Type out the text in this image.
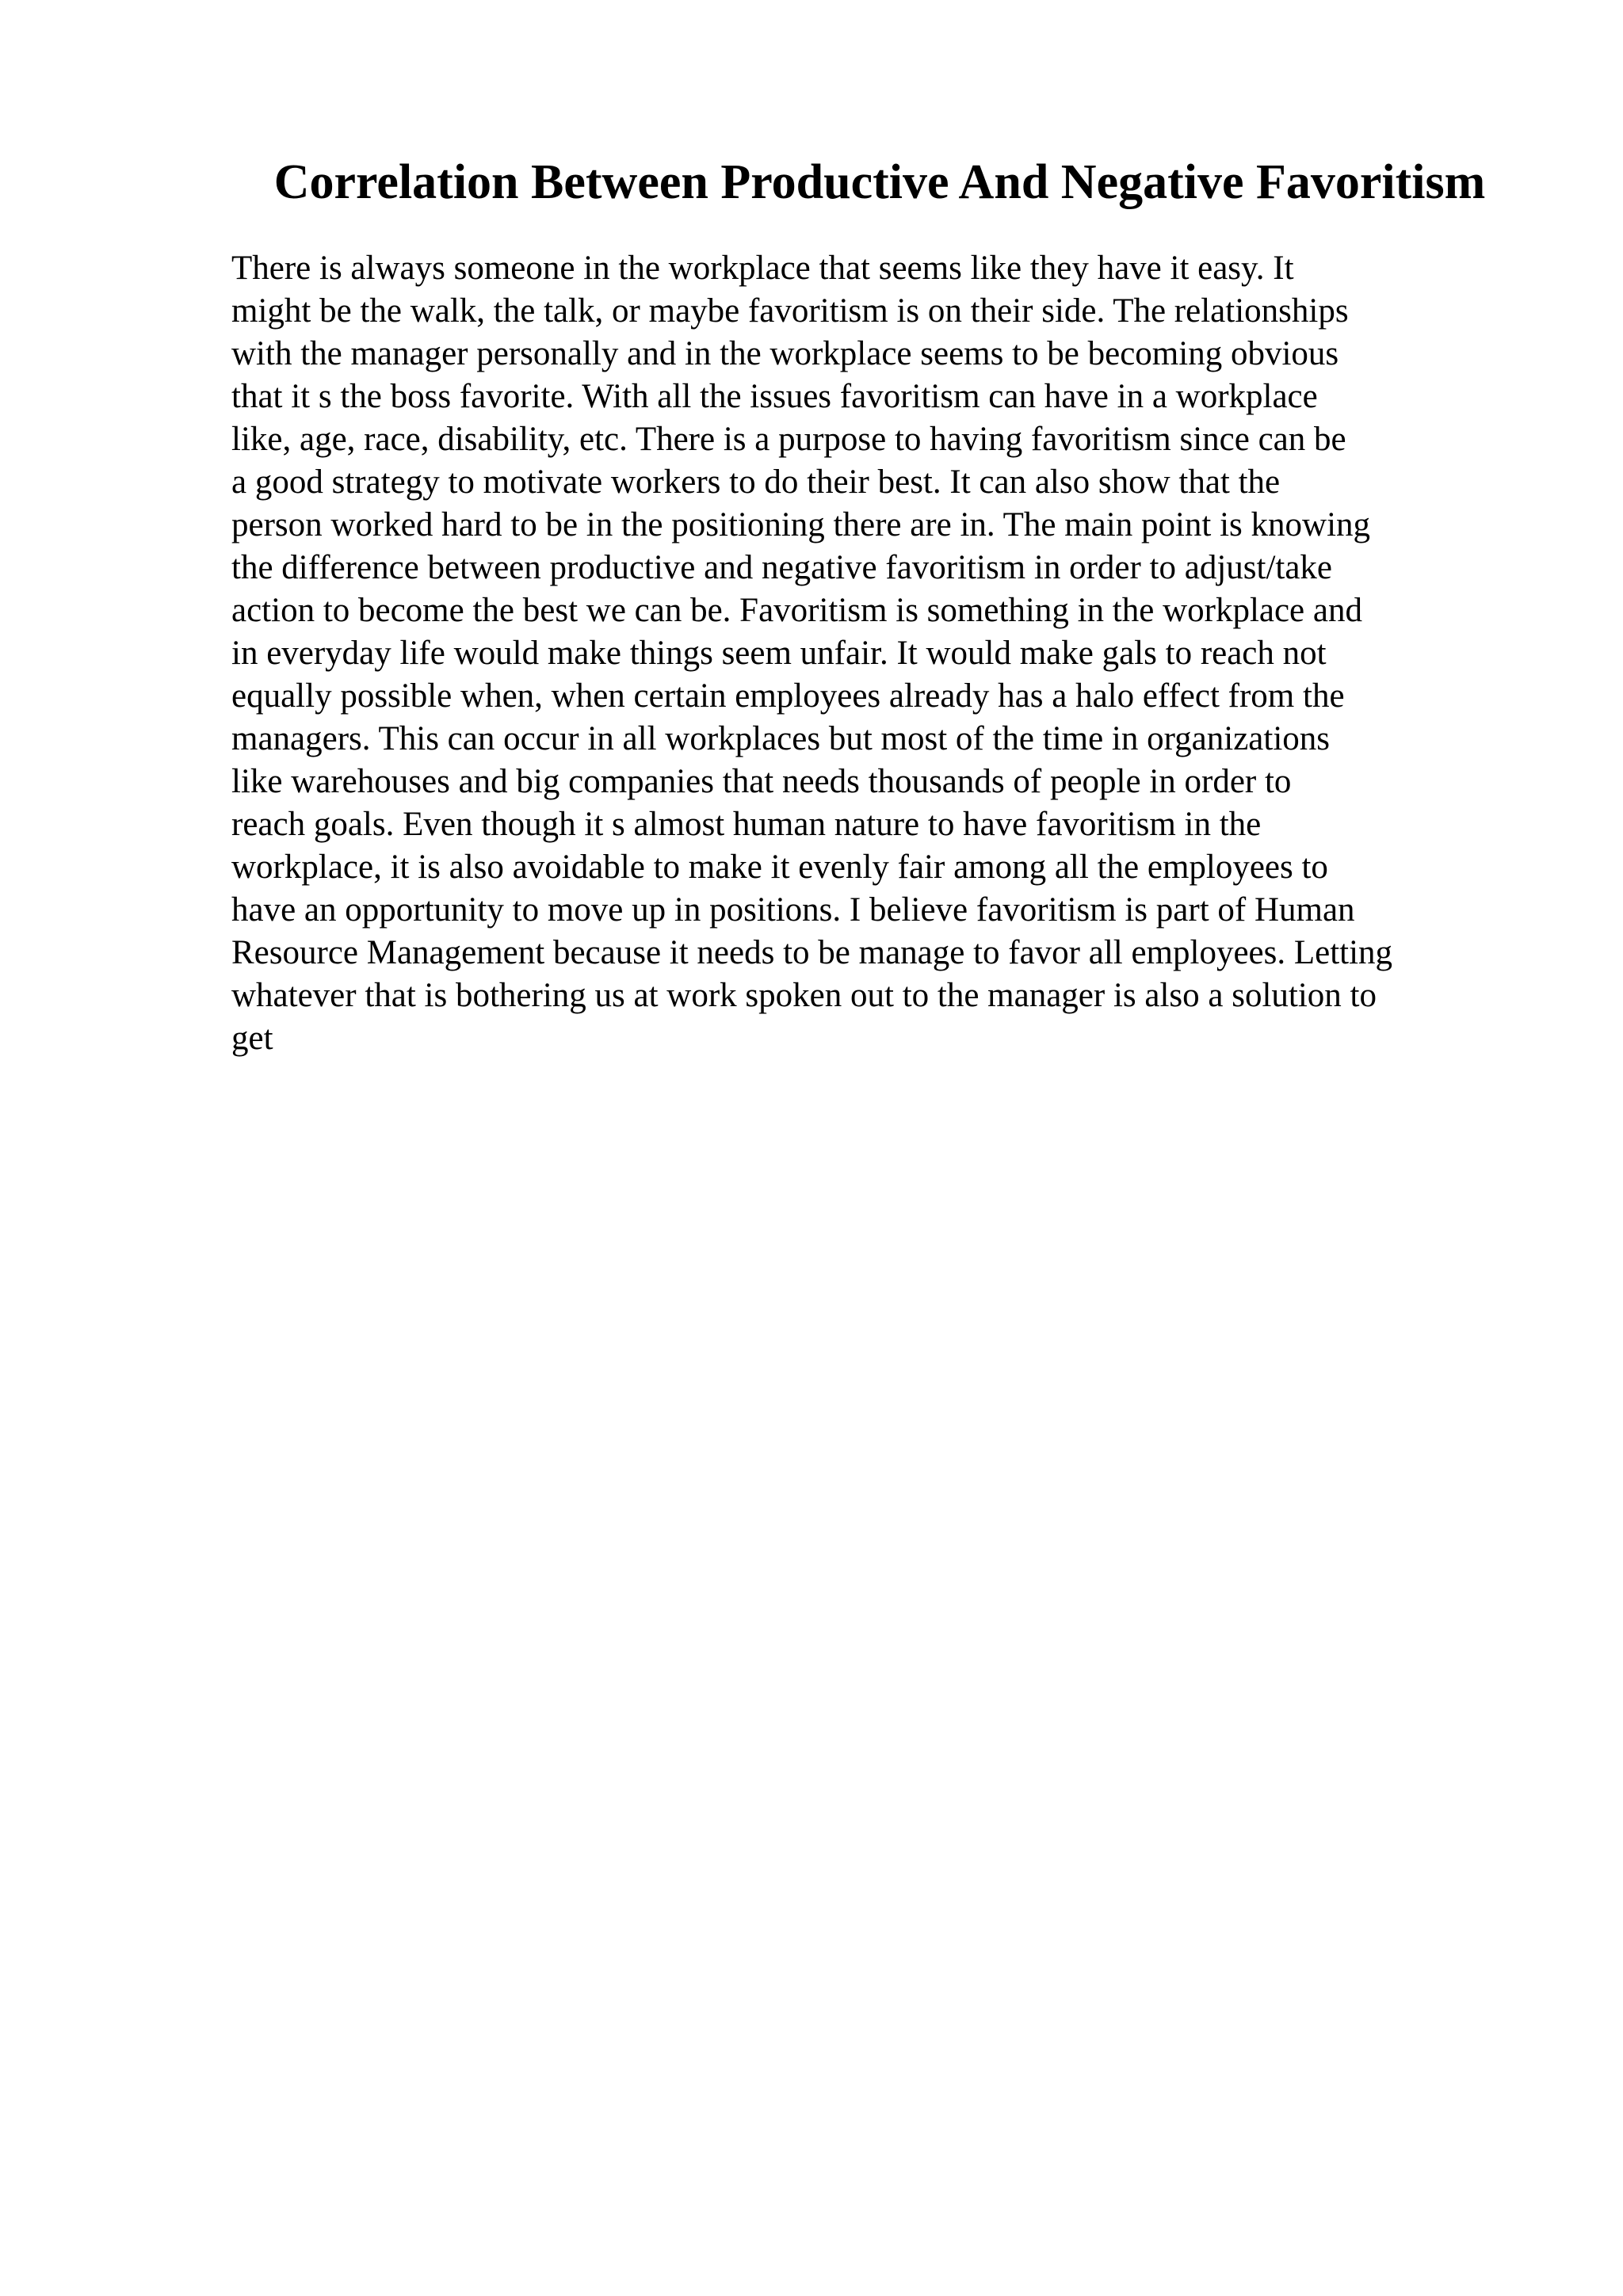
Correlation Between Productive And Negative Favoritism
There is always someone in the workplace that seems like they have it easy. It
might be the walk, the talk, or maybe favoritism is on their side. The relationships
with the manager personally and in the workplace seems to be becoming obvious
that it s the boss favorite. With all the issues favoritism can have in a workplace
like, age, race, disability, etc. There is a purpose to having favoritism since can be
a good strategy to motivate workers to do their best. It can also show that the
person worked hard to be in the positioning there are in. The main point is knowing
the difference between productive and negative favoritism in order to adjust/take
action to become the best we can be. Favoritism is something in the workplace and
in everyday life would make things seem unfair. It would make gals to reach not
equally possible when, when certain employees already has a halo effect from the
managers. This can occur in all workplaces but most of the time in organizations
like warehouses and big companies that needs thousands of people in order to
reach goals. Even though it s almost human nature to have favoritism in the
workplace, it is also avoidable to make it evenly fair among all the employees to
have an opportunity to move up in positions. I believe favoritism is part of Human
Resource Management because it needs to be manage to favor all employees. Letting
whatever that is bothering us at work spoken out to the manager is also a solution to
get
